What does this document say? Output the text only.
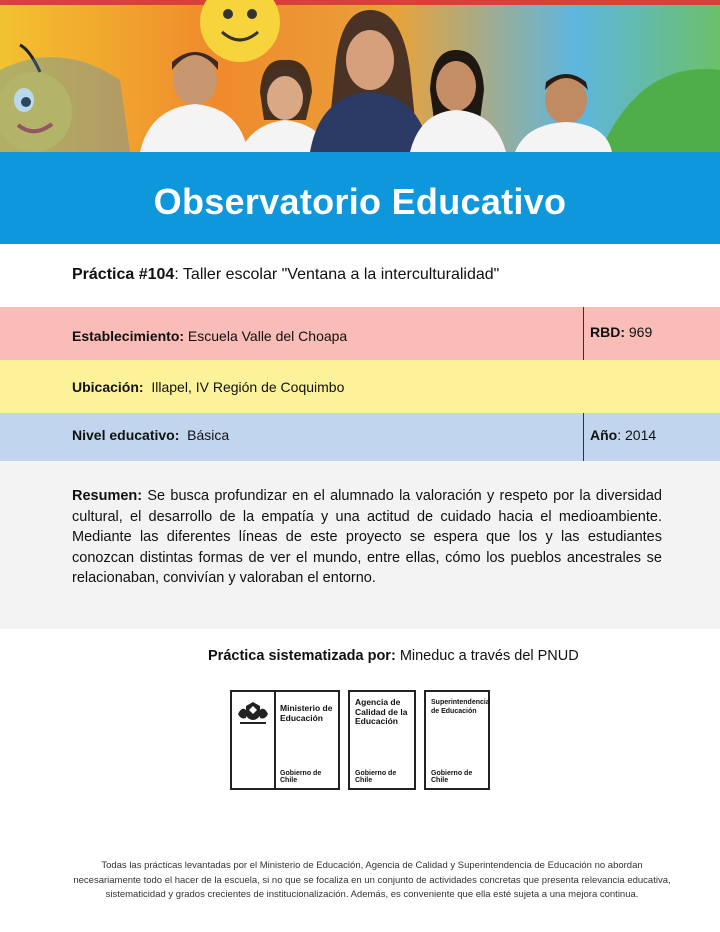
Observatorio Educativo
Práctica #104: Taller escolar "Ventana a la interculturalidad"
Establecimiento:
Escuela Valle del Choapa	RBD:
969
Ubicación:
Illapel, IV Región de Coquimbo
Nivel educativo:
Básica	Año : 2014
Resumen: Se busca profundizar en el alumnado la valoración y respeto por la diversidad cultural, el desarrollo de la empatía y una actitud de cuidado hacia el medioambiente. Mediante las diferentes líneas de este proyecto se espera que los y las estudiantes conozcan distintas formas de ver el mundo, entre ellas, cómo los pueblos ancestrales se relacionaban, convivían y valoraban el entorno.
Práctica sistematizada por: Mineduc a través del PNUD
Ministerio de
Educación
Gobierno de Chile
Agencia de
Calidad de la
Educación
Gobierno de Chile
Superintendencia
de Educación
Gobierno de Chile
Todas las prácticas levantadas por el Ministerio de Educación, Agencia de Calidad y Superintendencia de Educación no abordan necesariamente todo el hacer de la escuela, si no que se focaliza en un conjunto de actividades concretas que presenta relevancia educativa, sistematicidad y grados crecientes de institucionalización. Además, es conveniente que ella esté sujeta a una mejora continua.
